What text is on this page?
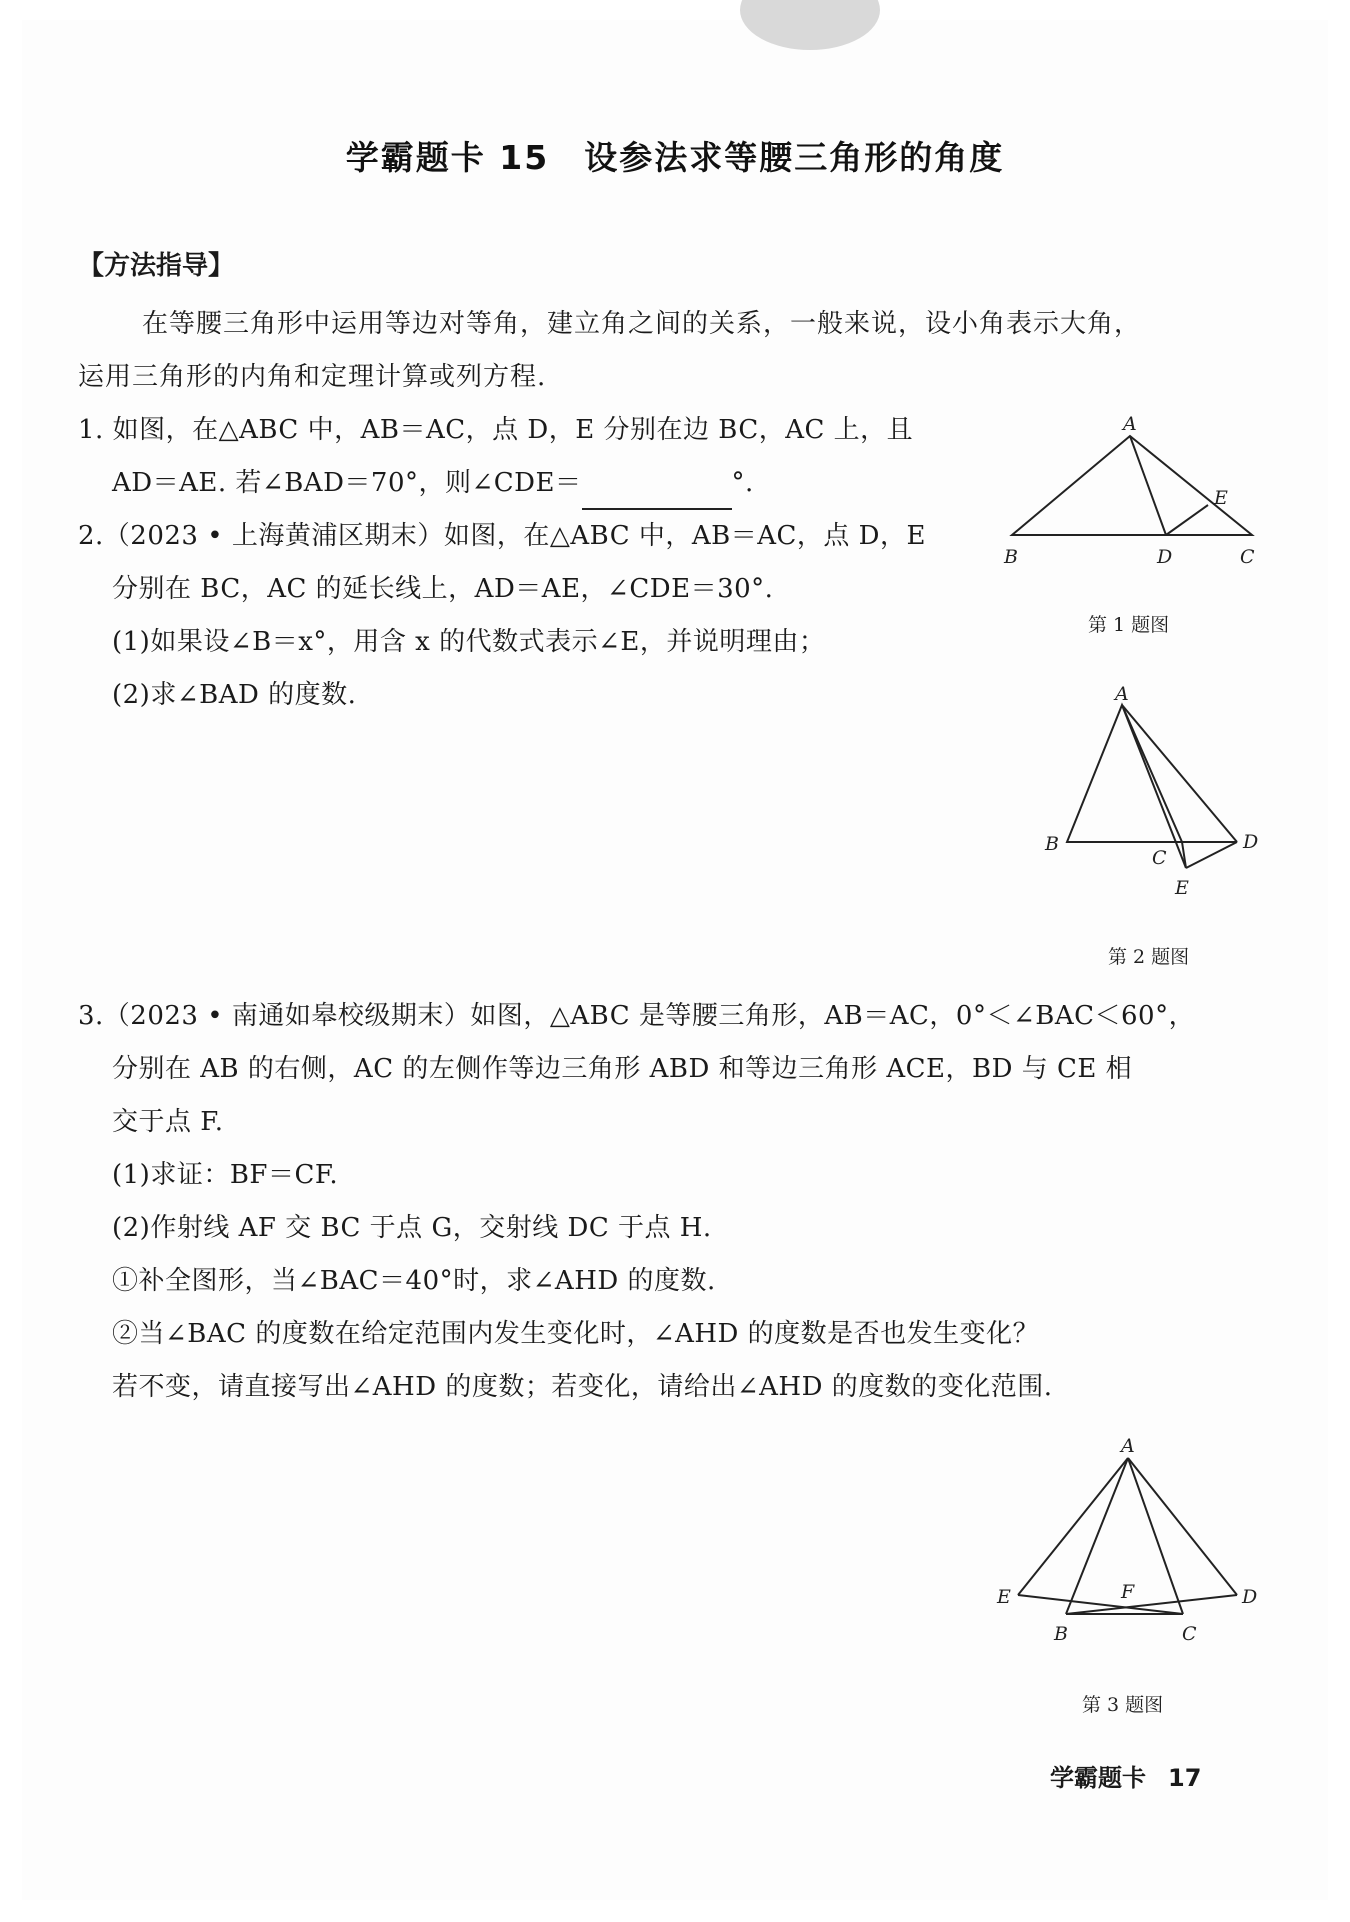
学霸题卡 15　设参法求等腰三角形的角度
【方法指导】
在等腰三角形中运用等边对等角，建立角之间的关系，一般来说，设小角表示大角，
运用三角形的内角和定理计算或列方程.
1. 如图，在△ABC 中，AB＝AC，点 D，E 分别在边 BC，AC 上，且
AD＝AE. 若∠BAD＝70°，则∠CDE＝	°.
2.（2023 • 上海黄浦区期末）如图，在△ABC 中，AB＝AC，点 D，E
分别在 BC，AC 的延长线上，AD＝AE，∠CDE＝30°.
(1)如果设∠B＝x°，用含 x 的代数式表示∠E，并说明理由；
(2)求∠BAD 的度数.
3.（2023 • 南通如皋校级期末）如图，△ABC 是等腰三角形，AB＝AC，0°＜∠BAC＜60°，
分别在 AB 的右侧，AC 的左侧作等边三角形 ABD 和等边三角形 ACE，BD 与 CE 相
交于点 F.
(1)求证：BF＝CF.
(2)作射线 AF 交 BC 于点 G，交射线 DC 于点 H.
①补全图形，当∠BAC＝40°时，求∠AHD 的度数.
②当∠BAC 的度数在给定范围内发生变化时，∠AHD 的度数是否也发生变化？
若不变，请直接写出∠AHD 的度数；若变化，请给出∠AHD 的度数的变化范围.
A
B	C
D
E
第 1 题图
A
B
C
D
E
第 2 题图
A
E	D
F
B	C
第 3 题图
学霸题卡 17
